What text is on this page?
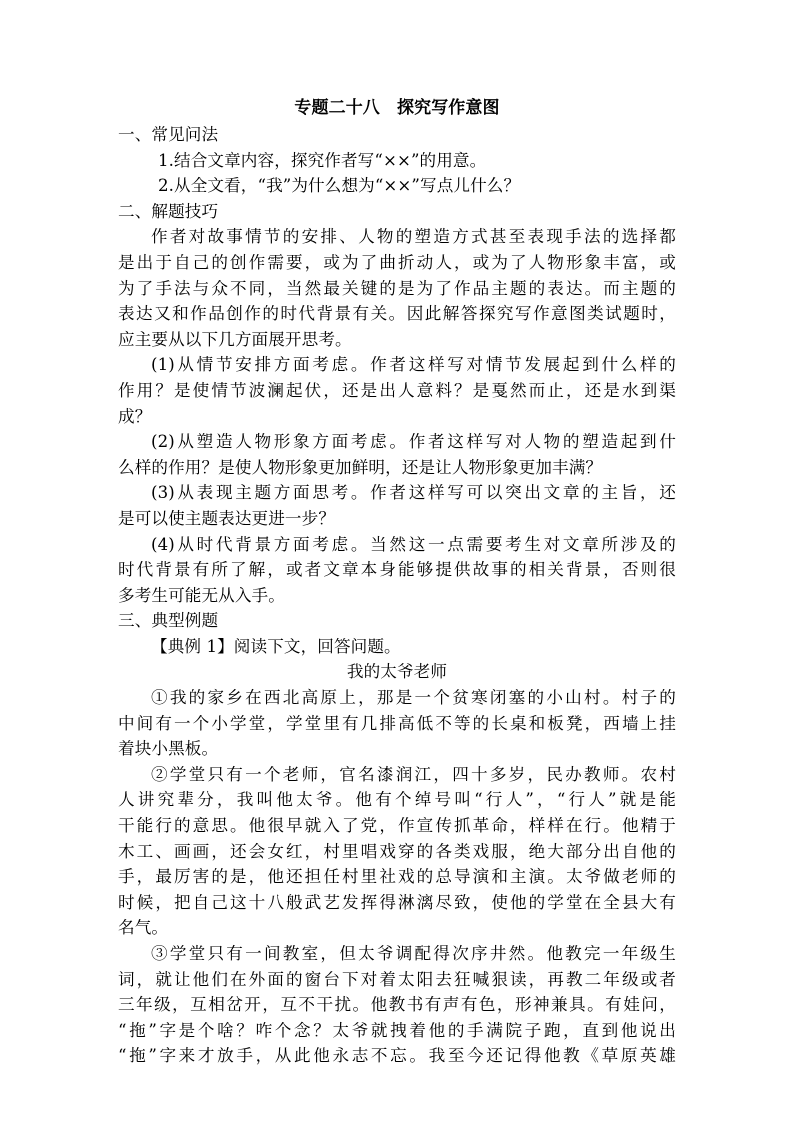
专题二十八　探究写作意图
一、常见问法
1.结合文章内容，探究作者写“××”的用意。
2.从全文看，“我”为什么想为“××”写点儿什么？
二、解题技巧

作者对故事情节的安排、人物的塑造方式甚至表现手法的选择都
是出于自己的创作需要，或为了曲折动人，或为了人物形象丰富，或
为了手法与众不同，当然最关键的是为了作品主题的表达。而主题的
表达又和作品创作的时代背景有关。因此解答探究写作意图类试题时，
应主要从以下几方面展开思考。

(1)从情节安排方面考虑。作者这样写对情节发展起到什么样的
作用？是使情节波澜起伏，还是出人意料？是戛然而止，还是水到渠
成？

(2)从塑造人物形象方面考虑。作者这样写对人物的塑造起到什
么样的作用？是使人物形象更加鲜明，还是让人物形象更加丰满？

(3)从表现主题方面思考。作者这样写可以突出文章的主旨，还
是可以使主题表达更进一步？

(4)从时代背景方面考虑。当然这一点需要考生对文章所涉及的
时代背景有所了解，或者文章本身能够提供故事的相关背景，否则很
多考生可能无从入手。

三、典型例题
【典例 1】阅读下文，回答问题。
我的太爷老师

①我的家乡在西北高原上，那是一个贫寒闭塞的小山村。村子的
中间有一个小学堂，学堂里有几排高低不等的长桌和板凳，西墙上挂
着块小黑板。

②学堂只有一个老师，官名漆润江，四十多岁，民办教师。农村
人讲究辈分，我叫他太爷。他有个绰号叫“行人”，“行人”就是能
干能行的意思。他很早就入了党，作宣传抓革命，样样在行。他精于
木工、画画，还会女红，村里唱戏穿的各类戏服，绝大部分出自他的
手，最厉害的是，他还担任村里社戏的总导演和主演。太爷做老师的
时候，把自己这十八般武艺发挥得淋漓尽致，使他的学堂在全县大有
名气。

③学堂只有一间教室，但太爷调配得次序井然。他教完一年级生
词，就让他们在外面的窗台下对着太阳去狂喊狠读，再教二年级或者
三年级，互相岔开，互不干扰。他教书有声有色，形神兼具。有娃问，
“拖”字是个啥？咋个念？太爷就拽着他的手满院子跑，直到他说出
“拖”字来才放手，从此他永志不忘。我至今还记得他教《草原英雄
